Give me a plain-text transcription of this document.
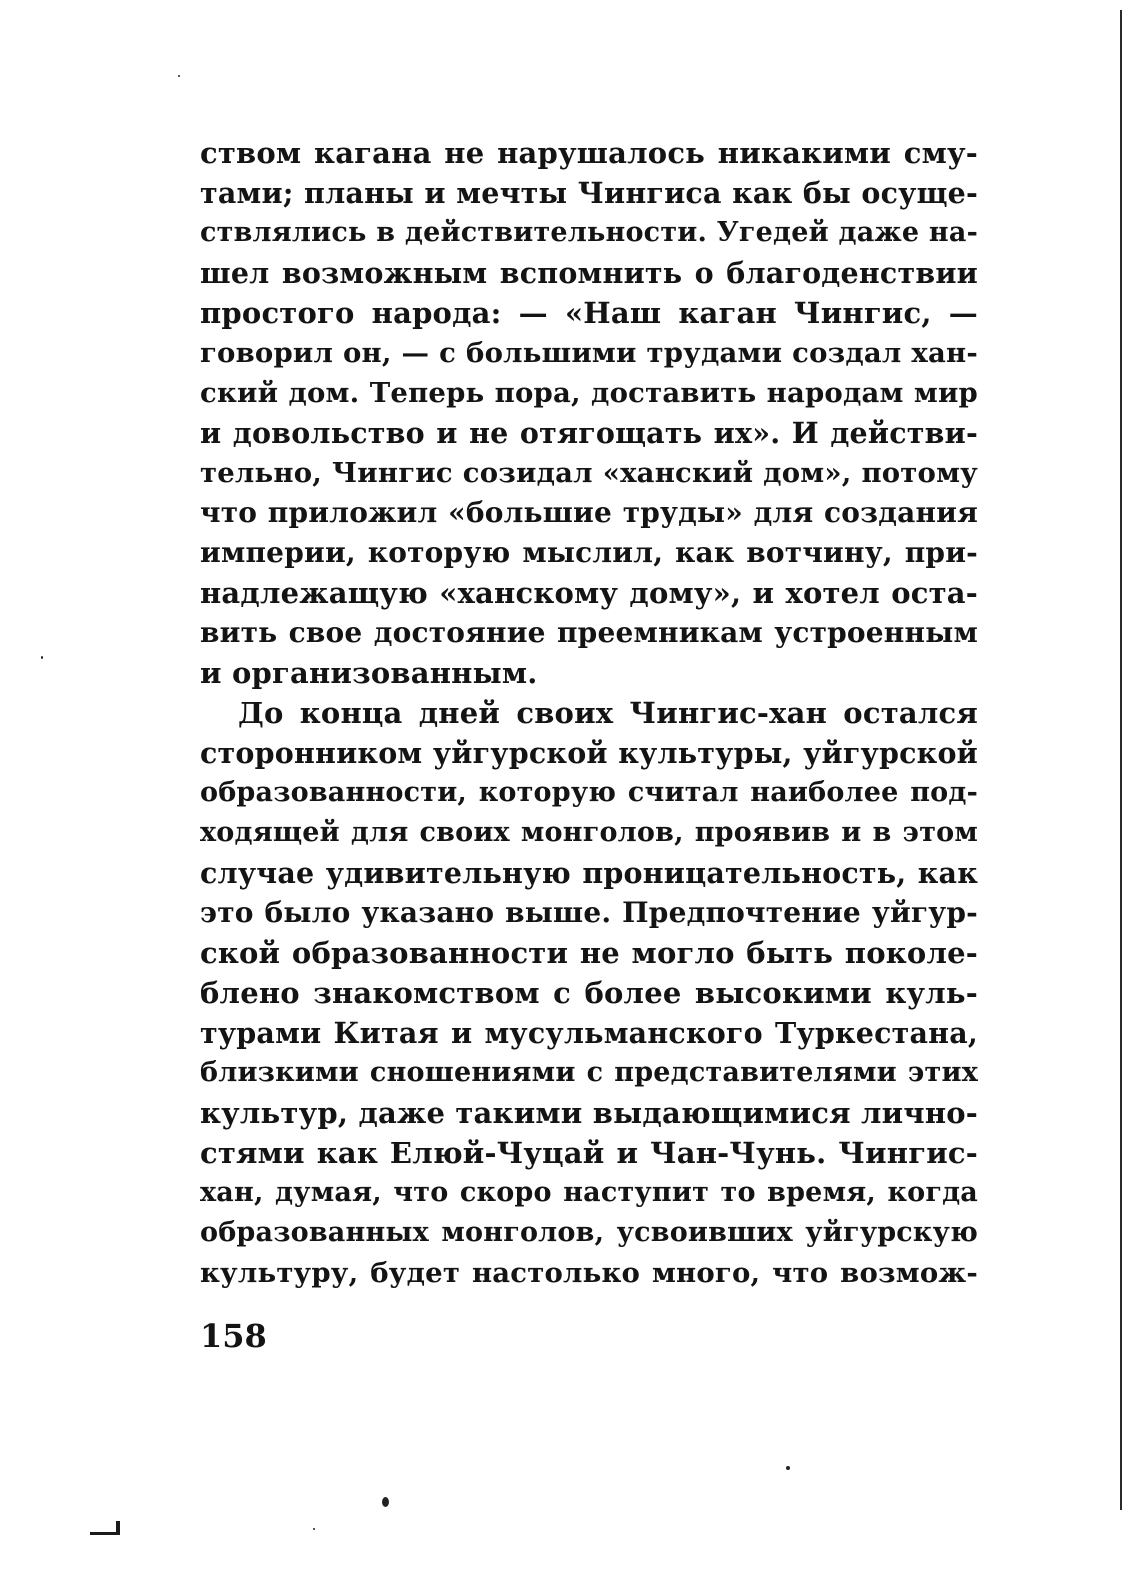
ством кагана не нарушалось никакими сму-
тами; планы и мечты Чингиса как бы осуще-
ствлялись в действительности. Угедей даже на-
шел возможным вспомнить о благоденствии
простого народа: — «Наш каган Чингис, —
говорил он, — с большими трудами создал хан-
ский дом. Теперь пора, доставить народам мир
и довольство и не отягощать их». И действи-
тельно, Чингис созидал «ханский дом», потому
что приложил «большие труды» для создания
империи, которую мыслил, как вотчину, при-
надлежащую «ханскому дому», и хотел оста-
вить свое достояние преемникам устроенным
и организованным.
До конца дней своих Чингис-хан остался
сторонником уйгурской культуры, уйгурской
образованности, которую считал наиболее под-
ходящей для своих монголов, проявив и в этом
случае удивительную проницательность, как
это было указано выше. Предпочтение уйгур-
ской образованности не могло быть поколе-
блено знакомством с более высокими куль-
турами Китая и мусульманского Туркестана,
близкими сношениями с представителями этих
культур, даже такими выдающимися лично-
стями как Елюй-Чуцай и Чан-Чунь. Чингис-
хан, думая, что скоро наступит то время, когда
образованных монголов, усвоивших уйгурскую
культуру, будет настолько много, что возмож-
158
